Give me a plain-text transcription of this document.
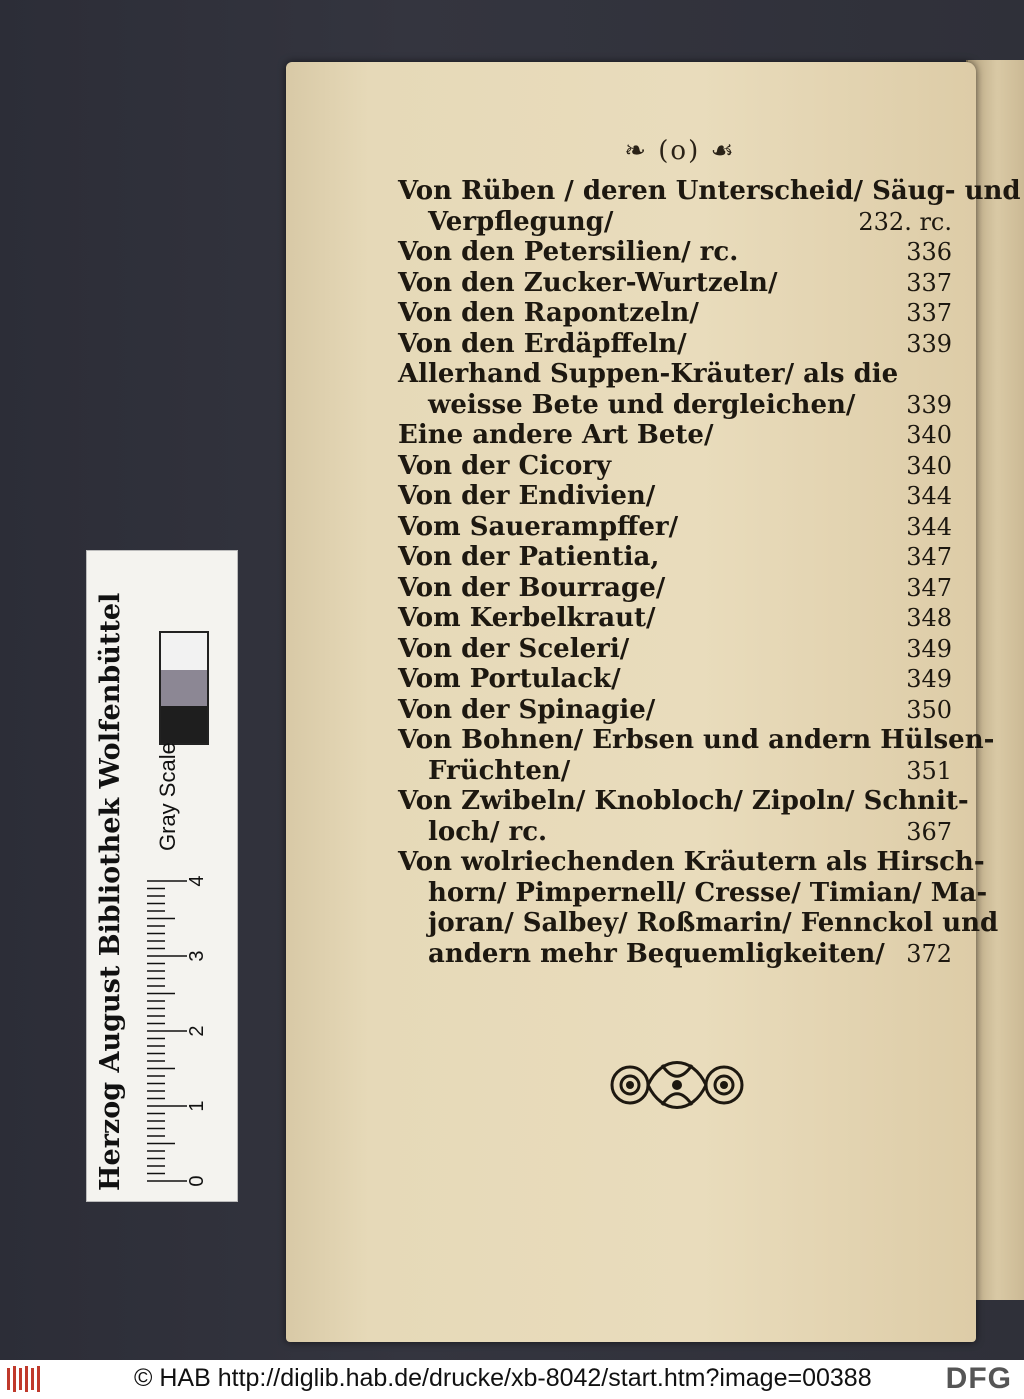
❧ (o) ☙
Von Rüben / deren Unterscheid/ Säug- und
Verpflegung/	232. rc.
Von den Petersilien/ rc.	336
Von den Zucker-Wurtzeln/	337
Von den Rapontzeln/	337
Von den Erdäpffeln/	339
Allerhand Suppen-Kräuter/ als die
weisse Bete und dergleichen/ 339
Eine andere Art Bete/	340
Von der Cicory	340
Von der Endivien/	344
Vom Sauerampffer/	344
Von der Patientia,	347
Von der Bourrage/	347
Vom Kerbelkraut/	348
Von der Sceleri/	349
Vom Portulack/	349
Von der Spinagie/	350
Von Bohnen/ Erbsen und andern Hülsen-
Früchten/	351
Von Zwibeln/ Knobloch/ Zipoln/ Schnit-
loch/ rc.	367
Von wolriechenden Kräutern als Hirsch-
horn/ Pimpernell/ Cresse/ Timian/ Ma-
joran/ Salbey/ Roßmarin/ Fennckol und
andern mehr Bequemligkeiten/ 372
Herzog August Bibliothek Wolfenbüttel Gray Scale
0
1
2
3
4
© HAB http://diglib.hab.de/drucke/xb-8042/start.htm?image=00388 DFG
